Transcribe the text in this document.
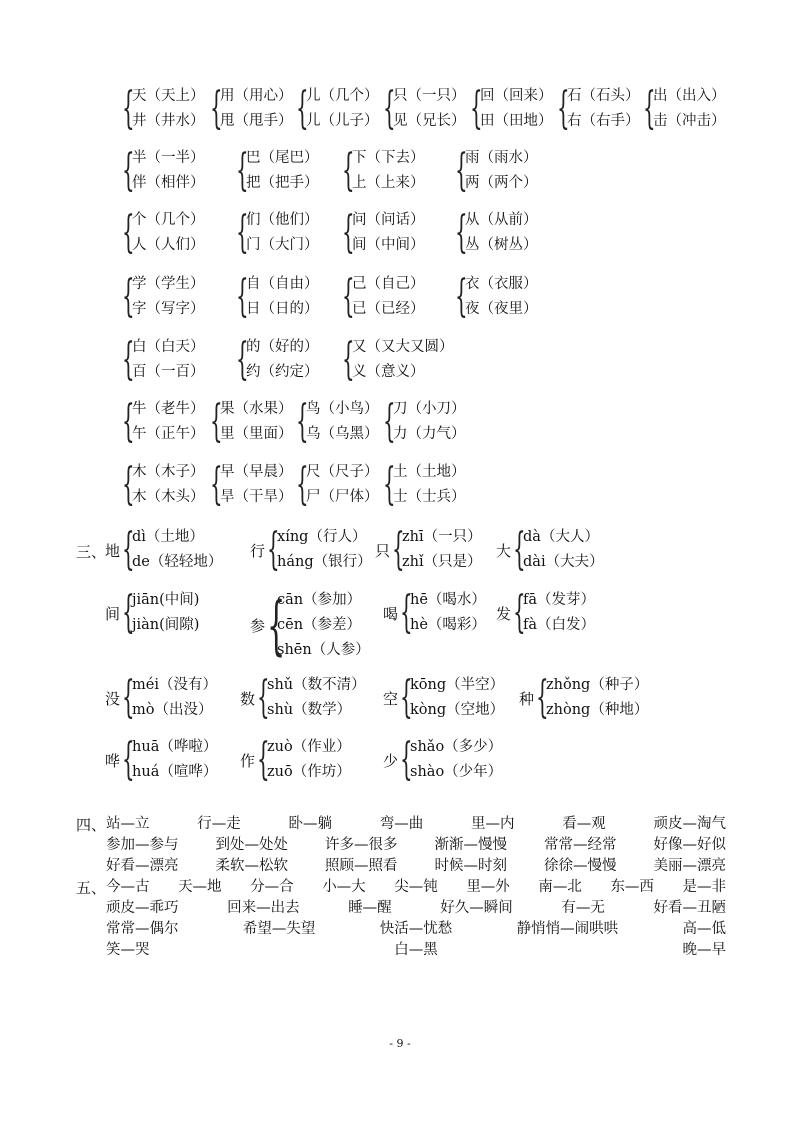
{
天（天上）
井（井水） {
用（用心）
甩（甩手） {
儿（几个）
儿（儿子） {
只（一只）
见（兄长） {
回（回来）
田（田地） {
石（石头）
右（右手） {
出（出入）
击（冲击）
{
半（一半）
伴（相伴） {
巴（尾巴）
把（把手） {
下（下去）
上（上来） {
雨（雨水）
两（两个）
{
个（几个）
人（人们） {
们（他们）
门（大门） {
问（问话）
间（中间） {
从（从前）
丛（树丛）
{
学（学生）
字（写字） {
自（自由）
日（日的） {
己（自己）
已（已经） {
衣（衣服）
夜（夜里）
{
白（白天）
百（一百） {
的（好的）
约（约定） {
又（又大又圆）
义（意义）
{
牛（老牛）
午（正午） {
果（水果）
里（里面） {
鸟（小鸟）
乌（乌黑） {
刀（小刀）
力（力气）
{
木（木子）
木（木头） {
早（早晨）
旱（干旱） {
尺（尺子）
尸（尸体） {
土（土地）
士（士兵）
三、
地 {
dì（土地）
de（轻轻地）
行 {
xíng（行人）
háng（银行）
只 {
zhī（一只）
zhǐ（只是）
大 {
dà（大人）
dài（大夫）
间 {
jiān(中间)
jiàn(间隙)	参 {
cān（参加）
cēn（参差）
shēn（人参）
喝 {
hē（喝水）
hè（喝彩）
发 {
fā（发芽）
fà（白发）
没 {
méi（没有）
mò（出没）
数 {
shǔ（数不清）
shù（数学）
空 {
kōng（半空）
kòng（空地）
种 {
zhǒng（种子）
zhòng（种地）
哗 {
huā（哗啦）
huá（喧哗）
作 {
zuò（作业）
zuō（作坊）
少 {
shǎo（多少）
shào（少年）
四、 站—立	行—走	卧—躺	弯—曲	里—内	看—观	顽皮—淘气
参加—参与	到处—处处	许多—很多	渐渐—慢慢	常常—经常	好像—好似
好看—漂亮	柔软—松软	照顾—照看	时候—时刻	徐徐—慢慢	美丽—漂亮
五、 今—古 天—地 分—合 小—大 尖—钝 里—外 南—北 东—西 是—非
顽皮—乖巧	回来—出去	睡—醒	好久—瞬间	有—无	好看—丑陋
常常—偶尔	希望—失望	快活—忧愁	静悄悄—闹哄哄	高—低
笑—哭	白—黑	晚—早
- 9 -
